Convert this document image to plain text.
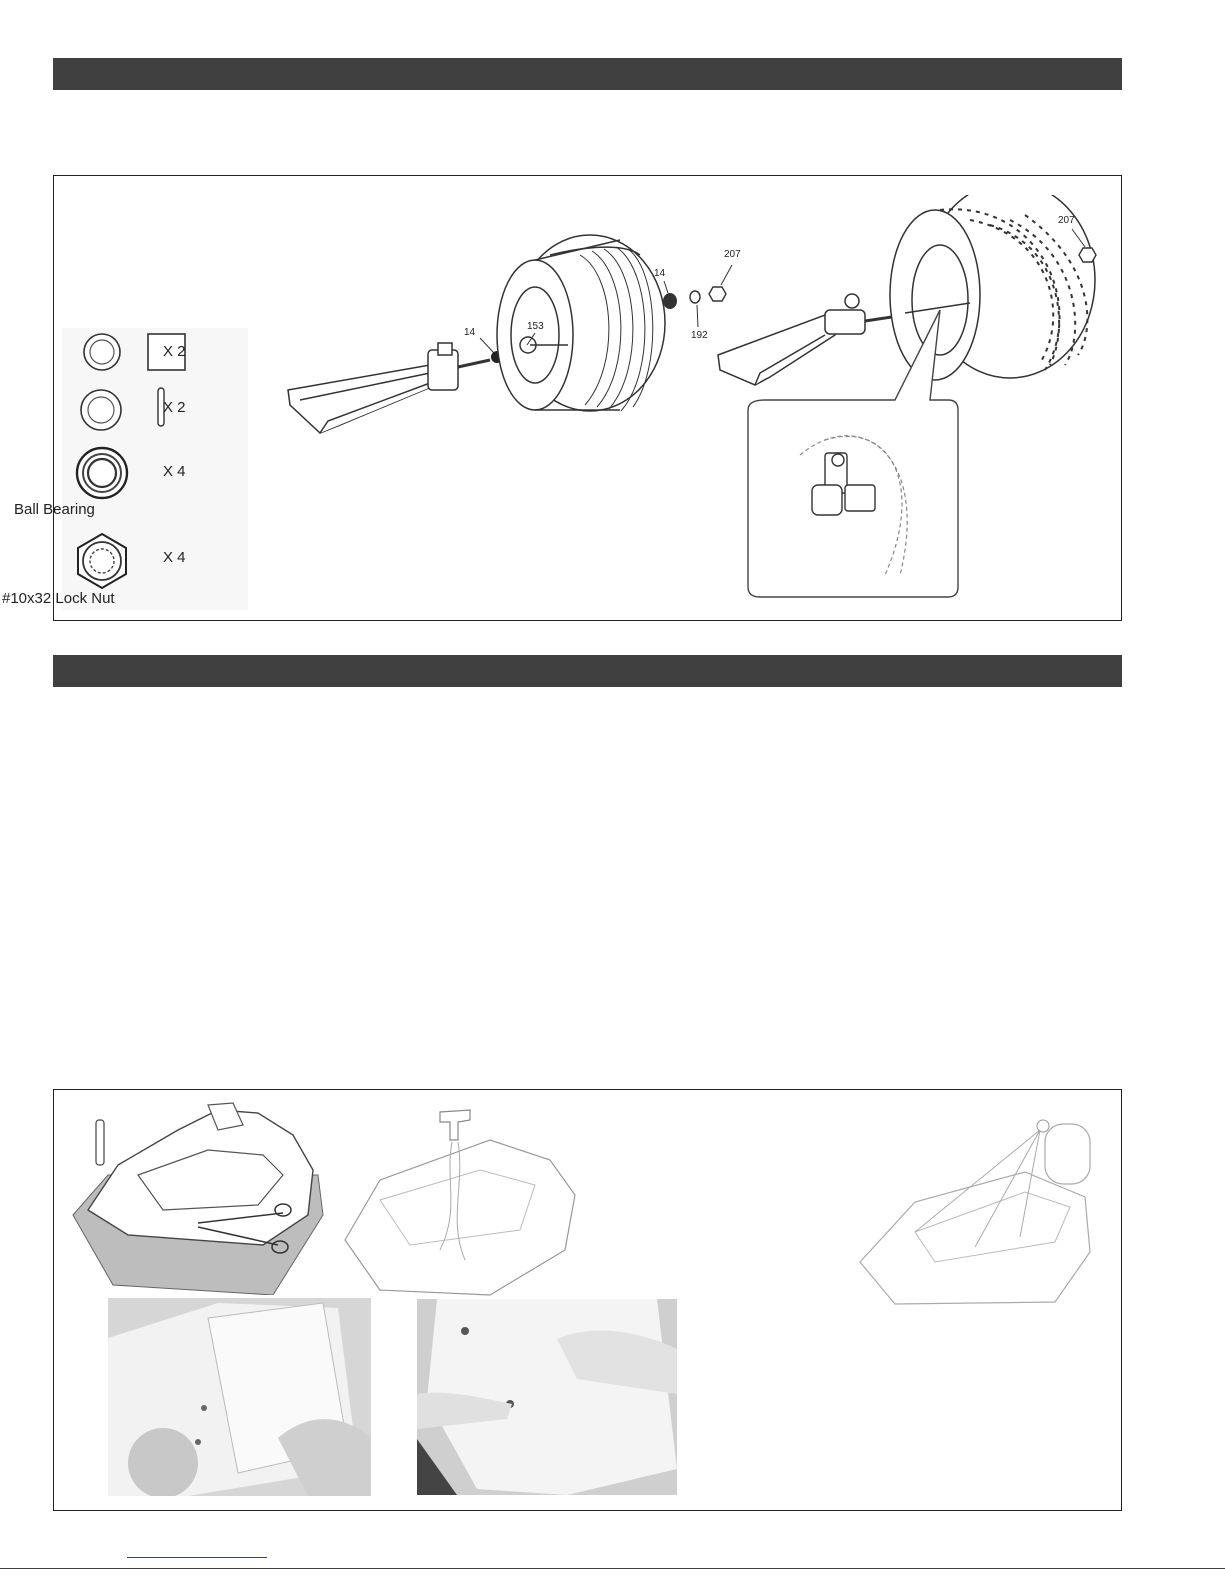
X 2
X 2
X 4
Ball Bearing
X 4
#10x32 Lock Nut
14
153
14
192
207
207
